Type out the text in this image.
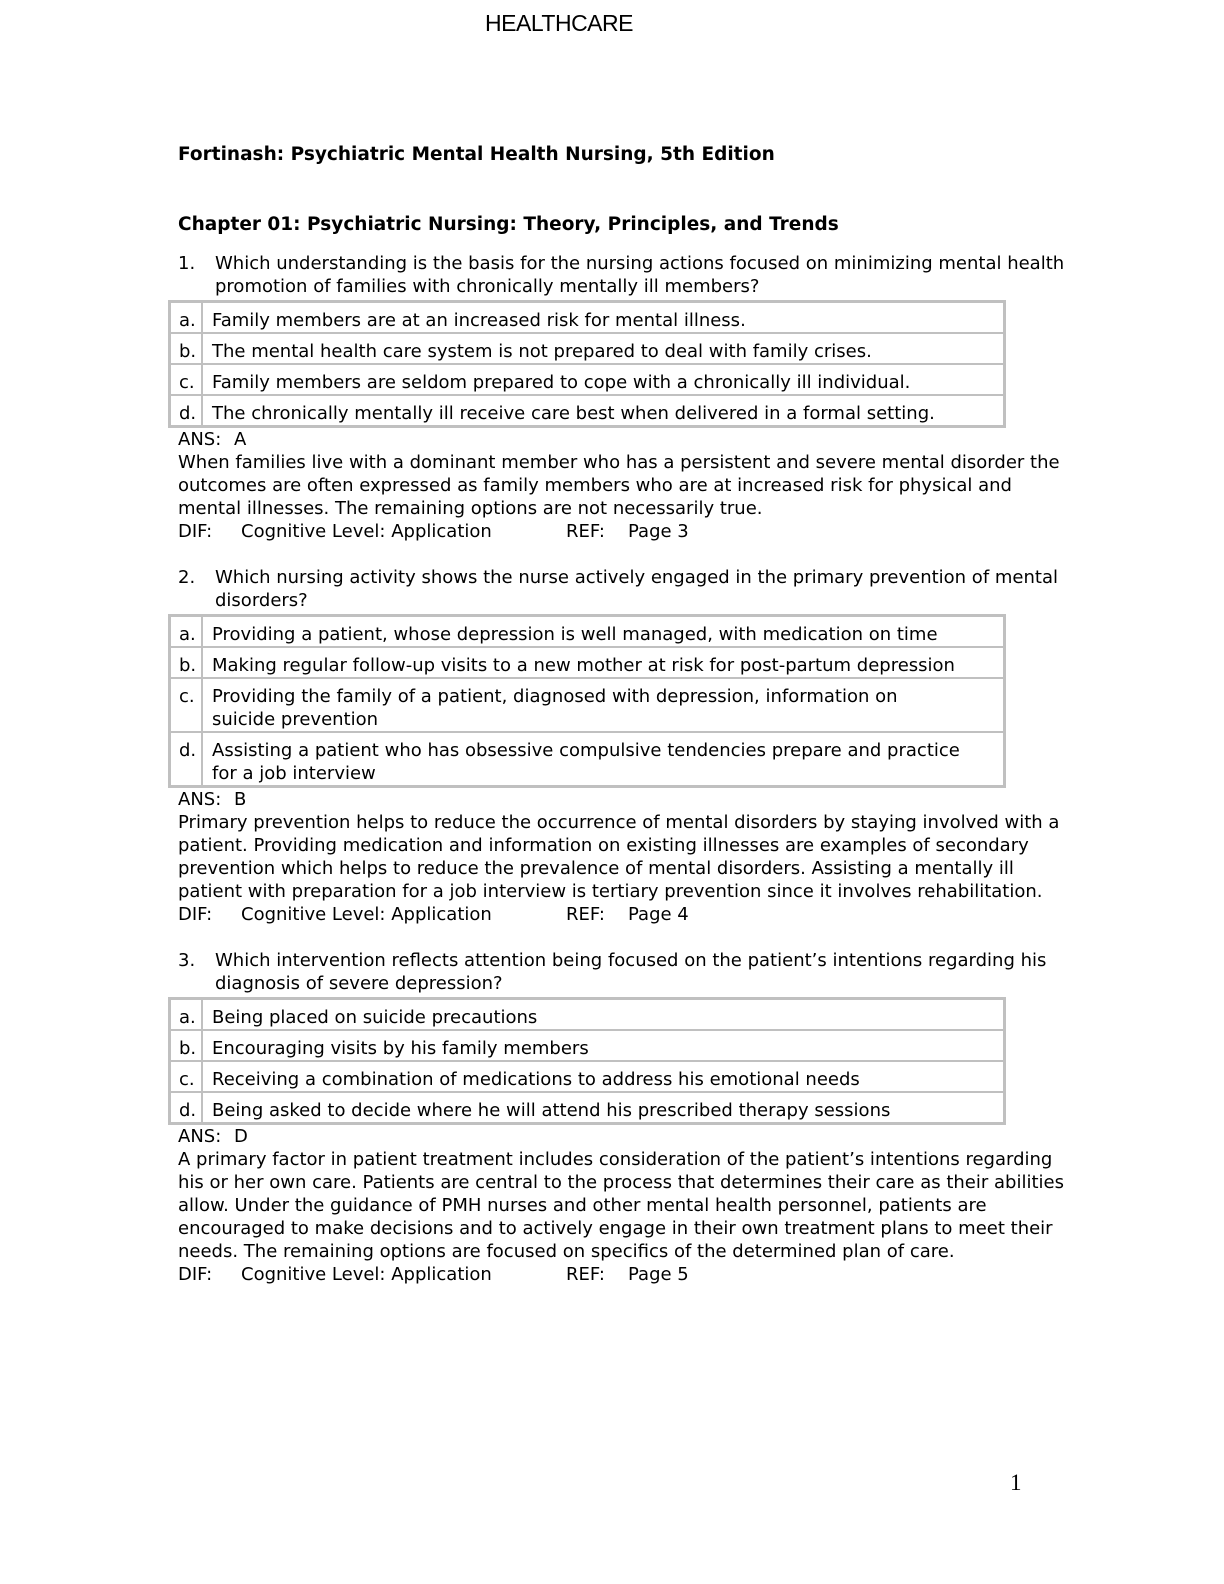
HEALTHCARE
Fortinash: Psychiatric Mental Health Nursing, 5th Edition
Chapter 01: Psychiatric Nursing: Theory, Principles, and Trends
1.	Which understanding is the basis for the nursing actions focused on minimizing mental health promotion of families with chronically mentally ill members?
a.	Family members are at an increased risk for mental illness.
b.	The mental health care system is not prepared to deal with family crises.
c.	Family members are seldom prepared to cope with a chronically ill individual.
d.	The chronically mentally ill receive care best when delivered in a formal setting.
ANS: A
When families live with a dominant member who has a persistent and severe mental disorder the outcomes are often expressed as family members who are at increased risk for physical and mental illnesses. The remaining options are not necessarily true.
DIF: Cognitive Level: Application	REF: Page 3
2.	Which nursing activity shows the nurse actively engaged in the primary prevention of mental disorders?
a.	Providing a patient, whose depression is well managed, with medication on time
b.	Making regular follow-up visits to a new mother at risk for post-partum depression
c.	Providing the family of a patient, diagnosed with depression, information on suicide prevention
d.	Assisting a patient who has obsessive compulsive tendencies prepare and practice for a job interview
ANS: B
Primary prevention helps to reduce the occurrence of mental disorders by staying involved with a patient. Providing medication and information on existing illnesses are examples of secondary prevention which helps to reduce the prevalence of mental disorders. Assisting a mentally ill patient with preparation for a job interview is tertiary prevention since it involves rehabilitation.
DIF: Cognitive Level: Application	REF: Page 4
3.	Which intervention reflects attention being focused on the patient’s intentions regarding his diagnosis of severe depression?
a.	Being placed on suicide precautions
b.	Encouraging visits by his family members
c.	Receiving a combination of medications to address his emotional needs
d.	Being asked to decide where he will attend his prescribed therapy sessions
ANS: D
A primary factor in patient treatment includes consideration of the patient’s intentions regarding his or her own care. Patients are central to the process that determines their care as their abilities allow. Under the guidance of PMH nurses and other mental health personnel, patients are encouraged to make decisions and to actively engage in their own treatment plans to meet their needs. The remaining options are focused on specifics of the determined plan of care.
DIF: Cognitive Level: Application	REF: Page 5
1
